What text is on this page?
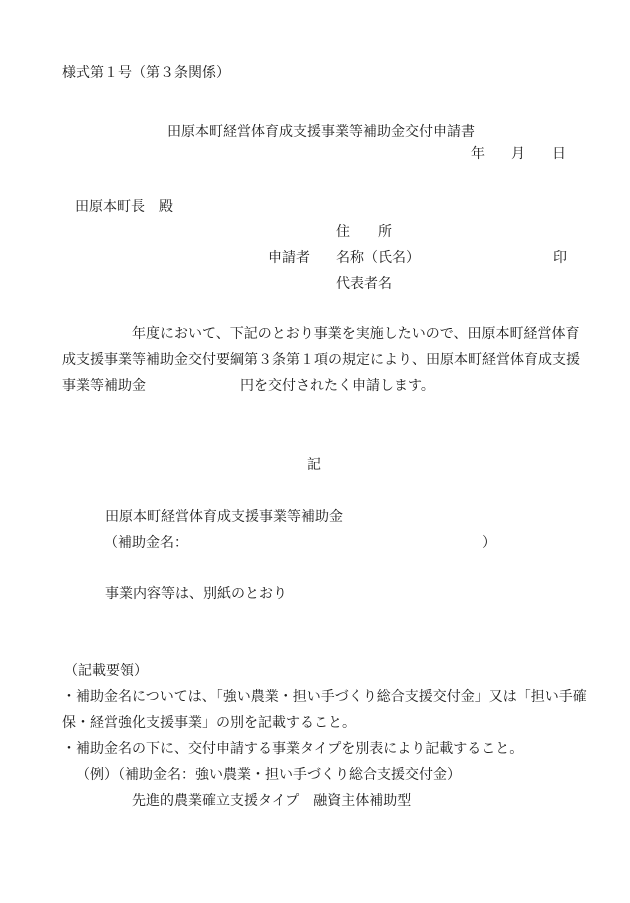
様式第１号（第３条関係）
田原本町経営体育成支援事業等補助金交付申請書
年 月 日
田原本町長　殿
住　　所
申請者 名称（氏名）	印
代表者名
年度において、下記のとおり事業を実施したいので、田原本町経営体育
成支援事業等補助金交付要綱第３条第１項の規定により、田原本町経営体育成支援
事業等補助金	円を交付されたく申請します。
記
田原本町経営体育成支援事業等補助金
（補助金名：	）
事業内容等は、別紙のとおり
（記載要領）
・補助金名については、「強い農業・担い手づくり総合支援交付金」又は「担い手確
保・経営強化支援事業」の別を記載すること。
・補助金名の下に、交付申請する事業タイプを別表により記載すること。
（例）（補助金名：強い農業・担い手づくり総合支援交付金）
先進的農業確立支援タイプ　融資主体補助型
